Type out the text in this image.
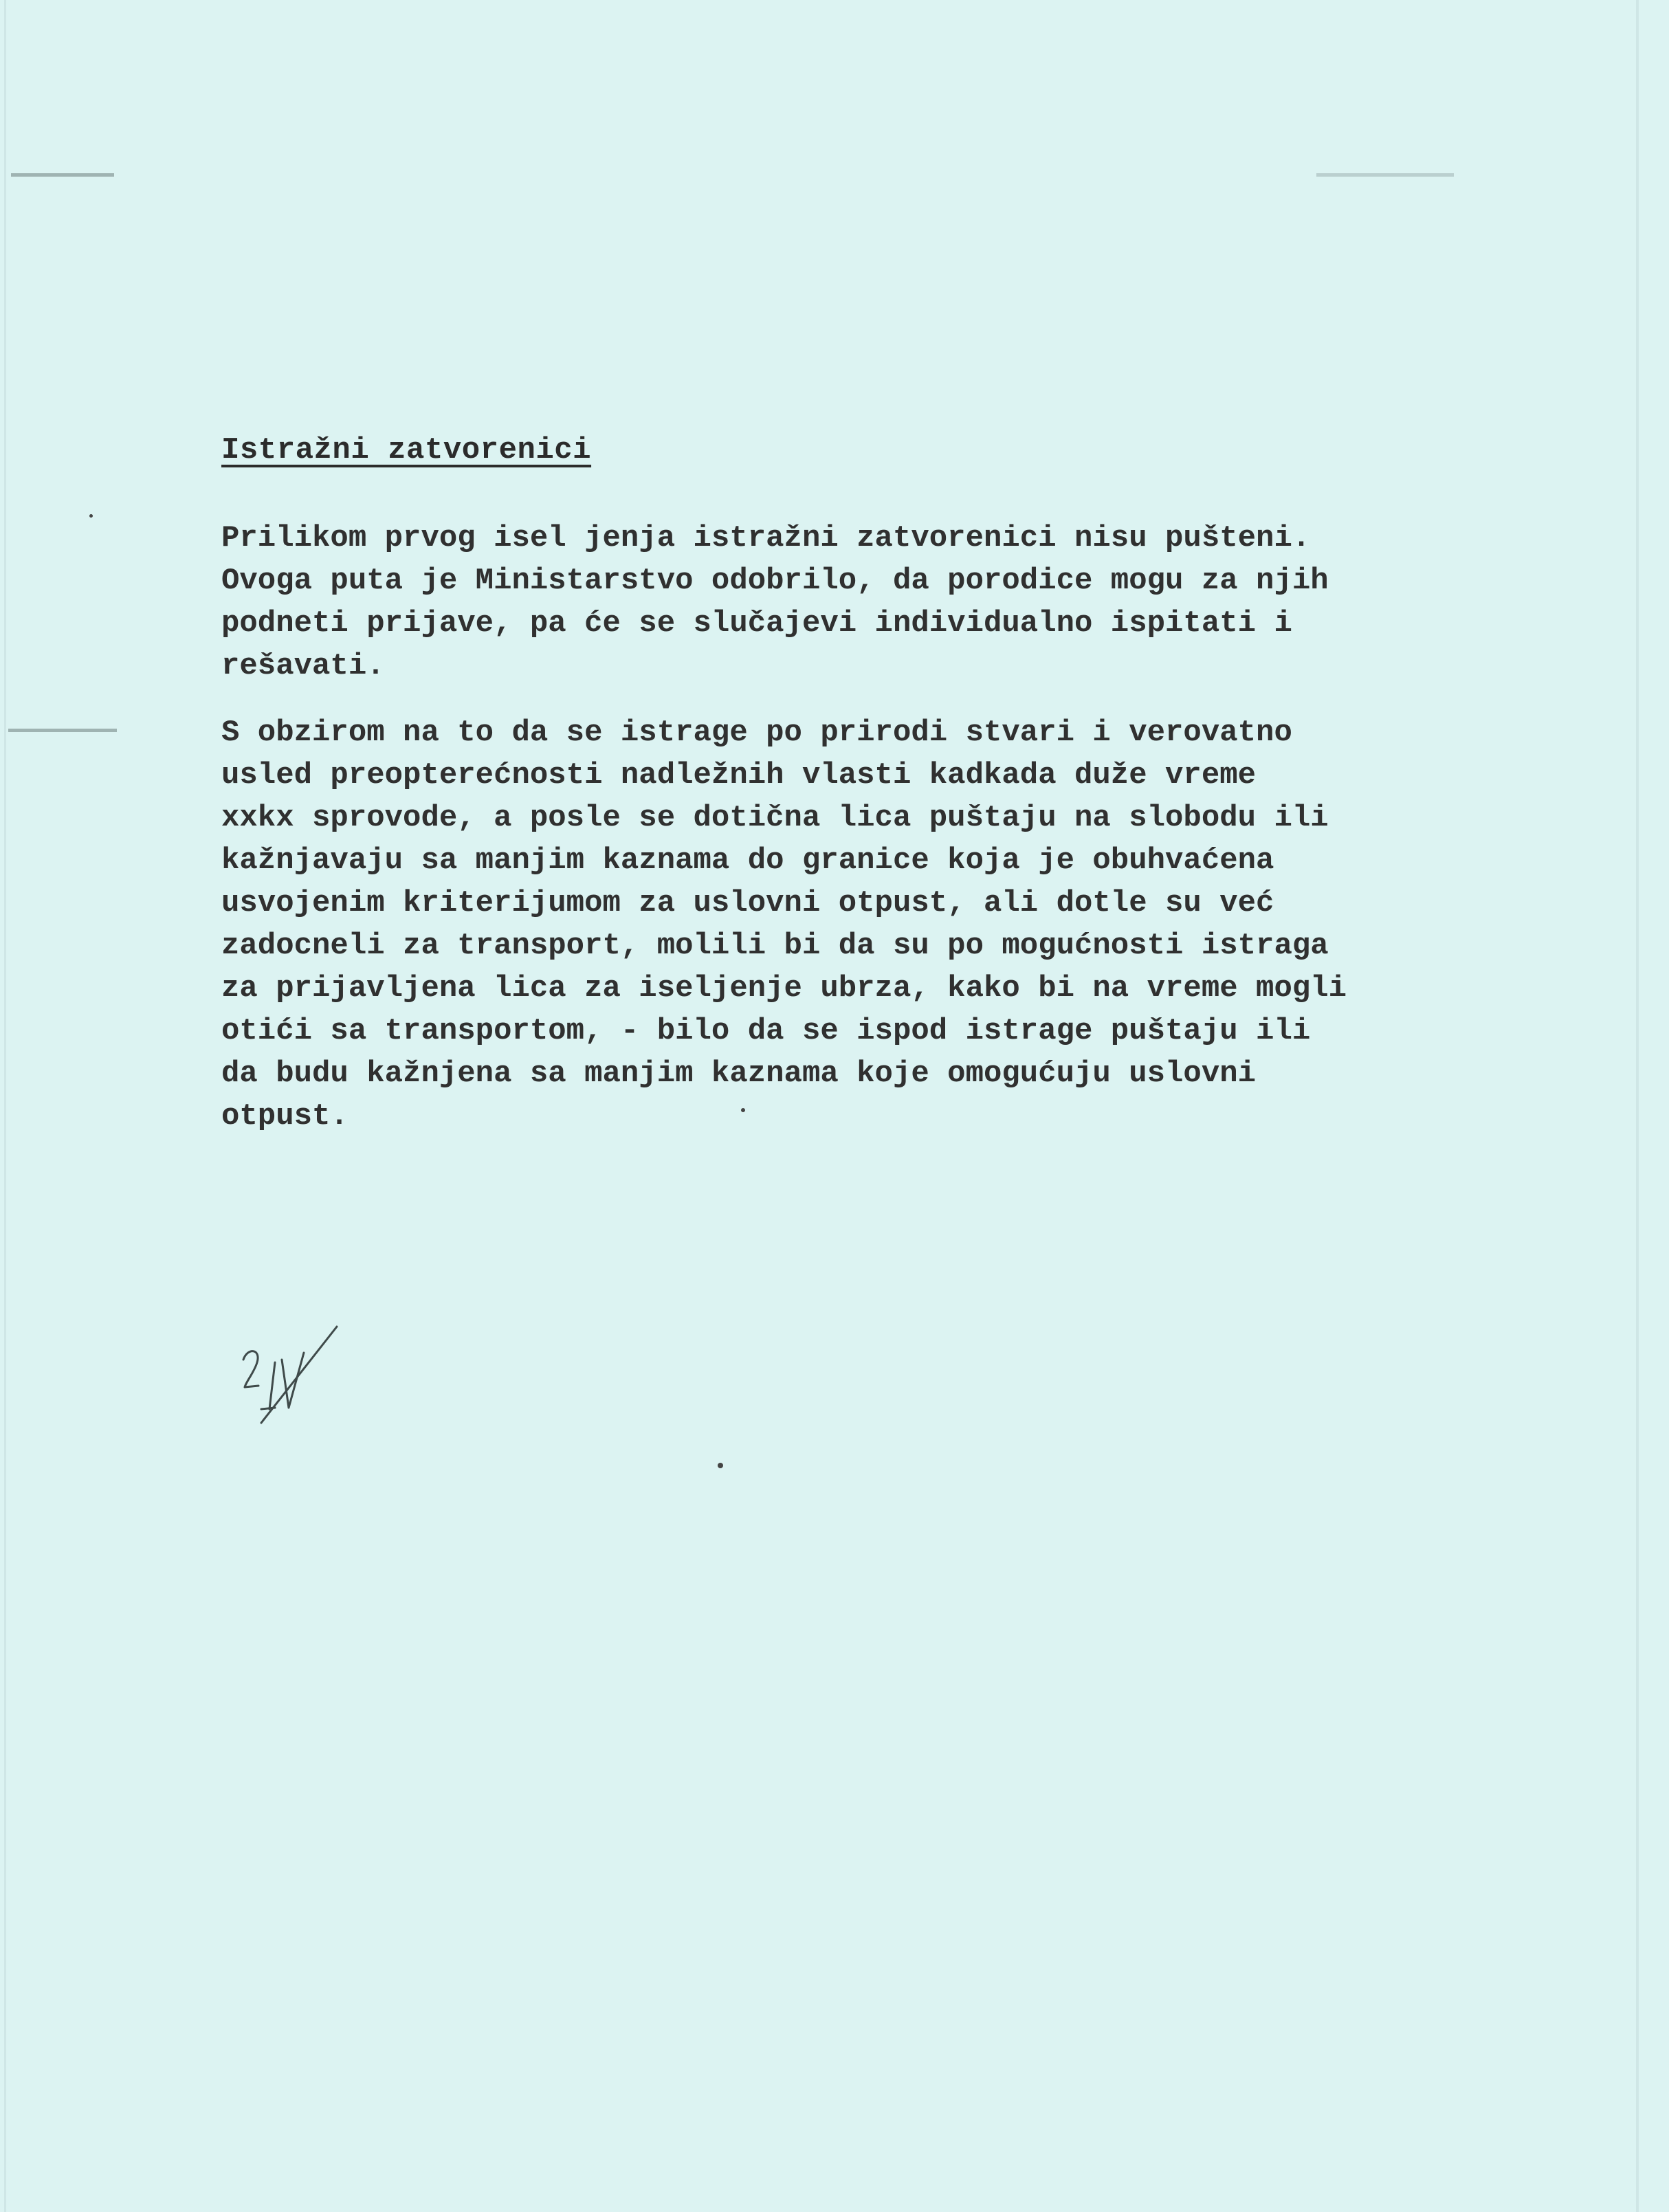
Istražni zatvorenici
Prilikom prvog isel jenja istražni zatvorenici nisu pušteni.
Ovoga puta je Ministarstvo odobrilo, da porodice mogu za njih
podneti prijave, pa će se slučajevi individualno ispitati i
rešavati.
S obzirom na to da se istrage po prirodi stvari i verovatno
usled preopterećnosti nadležnih vlasti kadkada duže vreme
xxkx sprovode, a posle se dotična lica puštaju na slobodu ili
kažnjavaju sa manjim kaznama do granice koja je obuhvaćena
usvojenim kriterijumom za uslovni otpust, ali dotle su već
zadocneli za transport, molili bi da su po mogućnosti istraga
za prijavljena lica za iseljenje ubrza, kako bi na vreme mogli
otići sa transportom, - bilo da se ispod istrage puštaju ili
da budu kažnjena sa manjim kaznama koje omogućuju uslovni
otpust.
